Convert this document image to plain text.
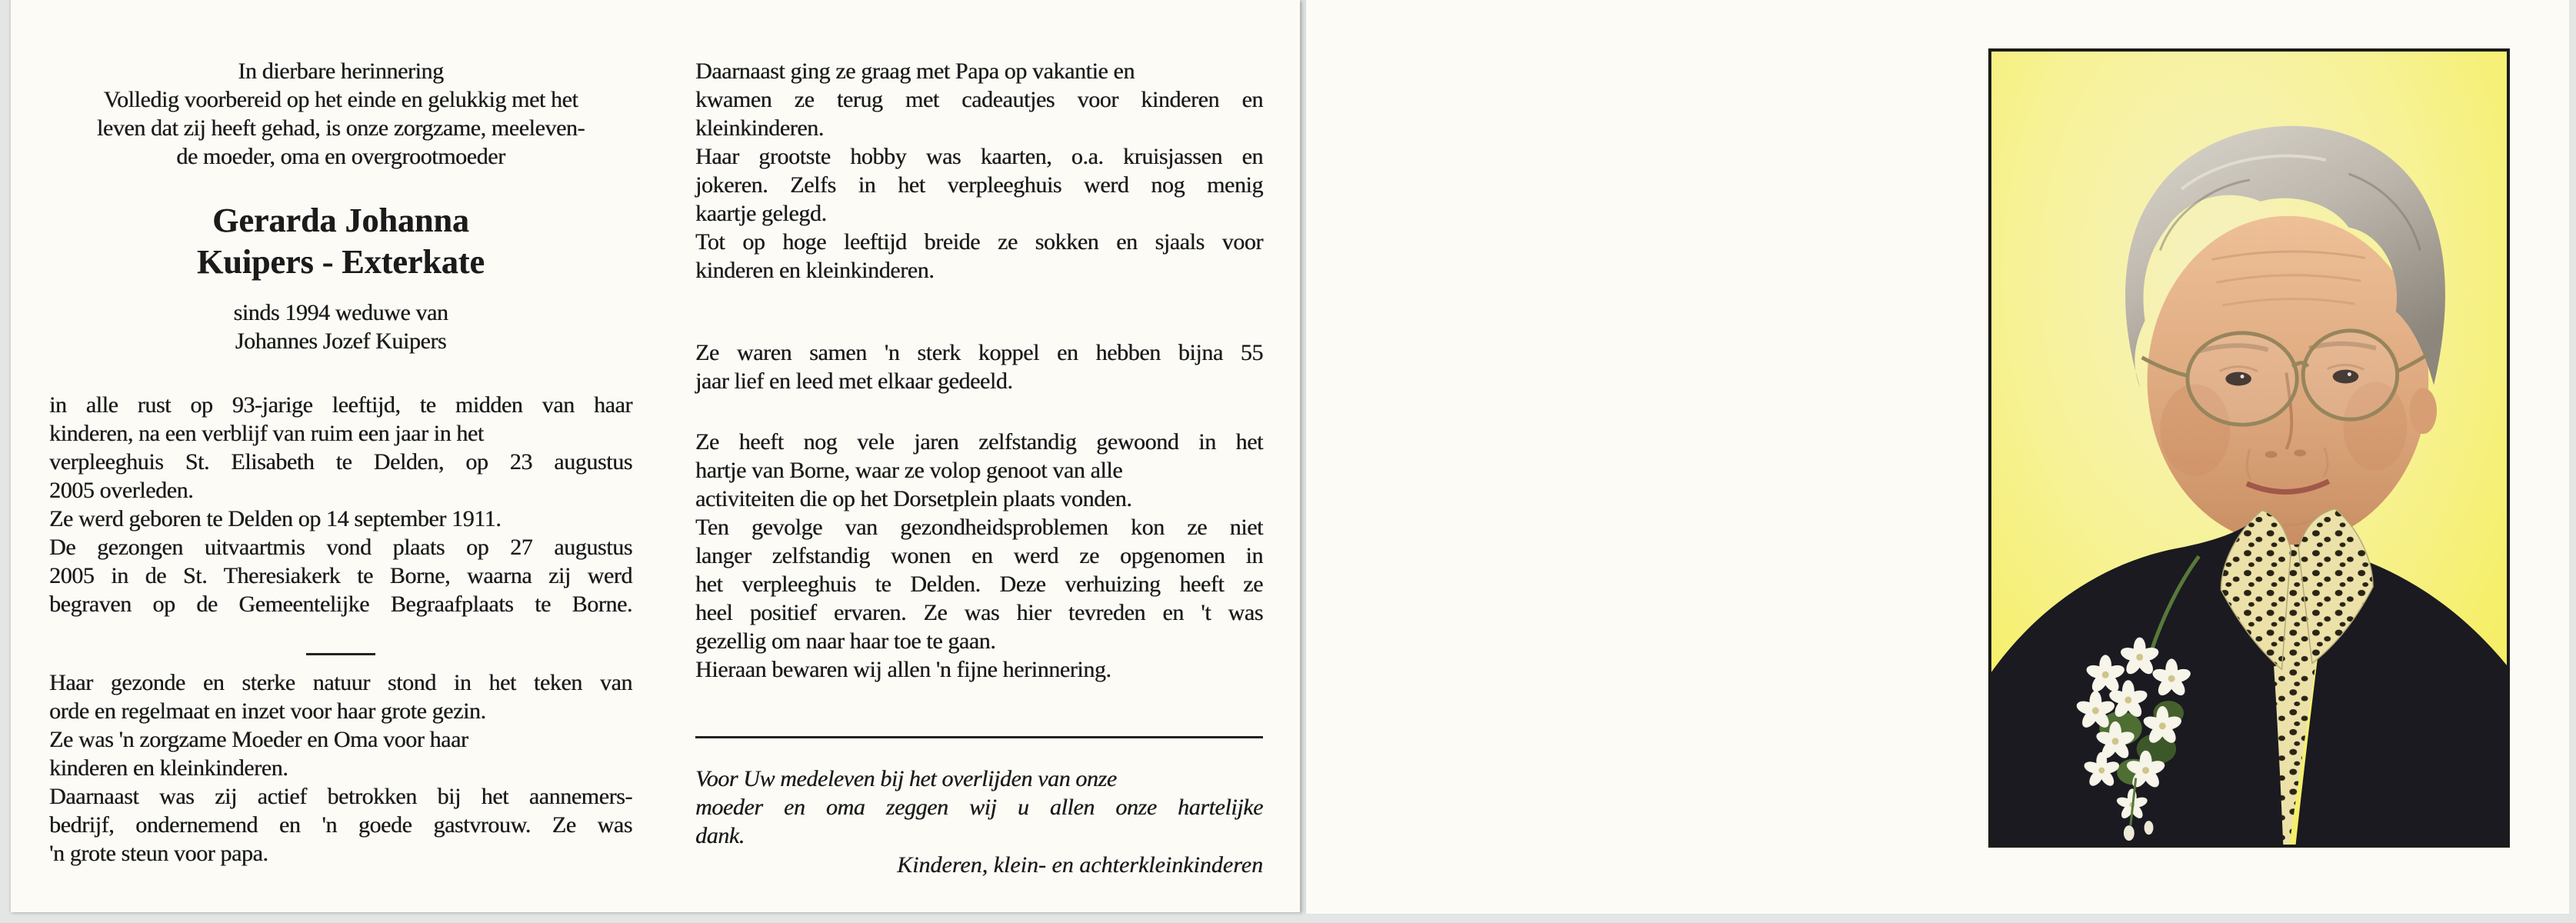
In dierbare herinnering
Volledig voorbereid op het einde en gelukkig met het
leven dat zij heeft gehad, is onze zorgzame, meeleven-
de moeder, oma en overgrootmoeder
Gerarda Johanna
Kuipers - Exterkate
sinds 1994 weduwe van
Johannes Jozef Kuipers
in alle rust op 93-jarige leeftijd, te midden van haar
kinderen, na een verblijf van ruim een jaar in het
verpleeghuis St. Elisabeth te Delden, op 23 augustus
2005 overleden.
Ze werd geboren te Delden op 14 september 1911.
De gezongen uitvaartmis vond plaats op 27 augustus
2005 in de St. Theresiakerk te Borne, waarna zij werd
begraven op de Gemeentelijke Begraafplaats te Borne.
Haar gezonde en sterke natuur stond in het teken van
orde en regelmaat en inzet voor haar grote gezin.
Ze was 'n zorgzame Moeder en Oma voor haar
kinderen en kleinkinderen.
Daarnaast was zij actief betrokken bij het aannemers-
bedrijf, ondernemend en 'n goede gastvrouw. Ze was
'n grote steun voor papa.
Daarnaast ging ze graag met Papa op vakantie en
kwamen ze terug met cadeautjes voor kinderen en
kleinkinderen.
Haar grootste hobby was kaarten, o.a. kruisjassen en
jokeren. Zelfs in het verpleeghuis werd nog menig
kaartje gelegd.
Tot op hoge leeftijd breide ze sokken en sjaals voor
kinderen en kleinkinderen.
Ze waren samen 'n sterk koppel en hebben bijna 55
jaar lief en leed met elkaar gedeeld.
Ze heeft nog vele jaren zelfstandig gewoond in het
hartje van Borne, waar ze volop genoot van alle
activiteiten die op het Dorsetplein plaats vonden.
Ten gevolge van gezondheidsproblemen kon ze niet
langer zelfstandig wonen en werd ze opgenomen in
het verpleeghuis te Delden. Deze verhuizing heeft ze
heel positief ervaren. Ze was hier tevreden en 't was
gezellig om naar haar toe te gaan.
Hieraan bewaren wij allen 'n fijne herinnering.
Voor Uw medeleven bij het overlijden van onze
moeder en oma zeggen wij u allen onze hartelijke
dank.
Kinderen, klein- en achterkleinkinderen
